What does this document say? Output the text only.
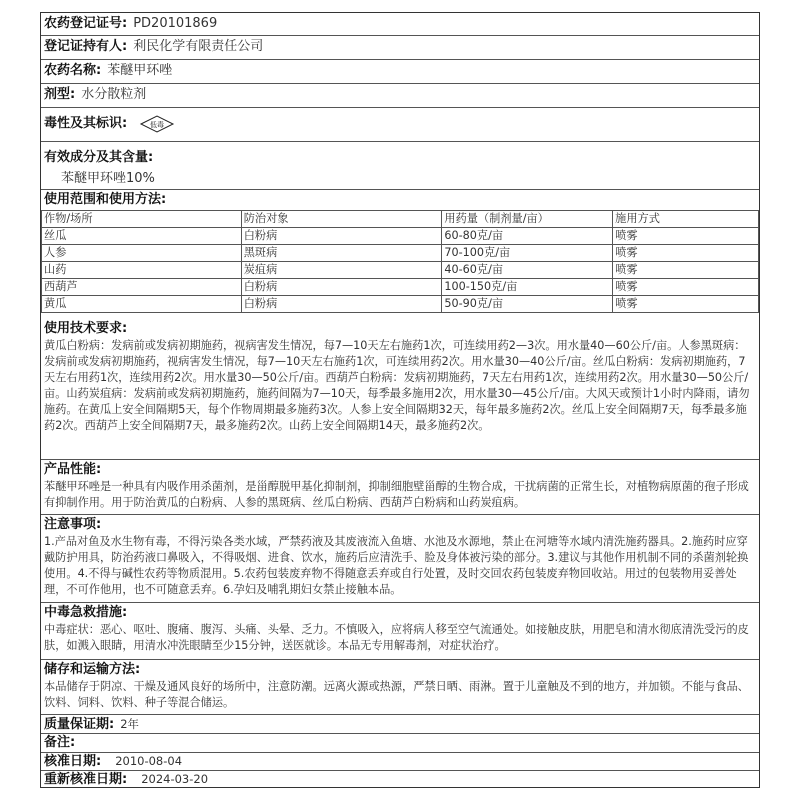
农药登记证号: PD20101869
登记证持有人: 利民化学有限责任公司
农药名称: 苯醚甲环唑
剂型: 水分散粒剂
毒性及其标识:	低毒
有效成分及其含量:
苯醚甲环唑10%
使用范围和使用方法:
作物/场所	防治对象	用药量（制剂量/亩）	施用方式
丝瓜	白粉病	60-80克/亩	喷雾
人参	黑斑病	70-100克/亩	喷雾
山药	炭疽病	40-60克/亩	喷雾
西葫芦	白粉病	100-150克/亩	喷雾
黄瓜	白粉病	50-90克/亩	喷雾
使用技术要求:
黄瓜白粉病：发病前或发病初期施药，视病害发生情况，每7—10天左右施药1次，可连续用药2—3次。用水量40—60公斤/亩。人参黑斑病：发病前或发病初期施药，视病害发生情况，每7—10天左右施药1次，可连续用药2次。用水量30—40公斤/亩。丝瓜白粉病：发病初期施药，7天左右用药1次，连续用药2次。用水量30—50公斤/亩。西葫芦白粉病：发病初期施药，7天左右用药1次，连续用药2次。用水量30—50公斤/亩。山药炭疽病：发病前或发病初期施药，施药间隔为7—10天，每季最多施用2次，用水量30—45公斤/亩。大风天或预计1小时内降雨，请勿施药。在黄瓜上安全间隔期5天，每个作物周期最多施药3次。人参上安全间隔期32天，每年最多施药2次。丝瓜上安全间隔期7天，每季最多施药2次。西葫芦上安全间隔期7天，最多施药2次。山药上安全间隔期14天，最多施药2次。
产品性能:
苯醚甲环唑是一种具有内吸作用杀菌剂，是甾醇脱甲基化抑制剂，抑制细胞壁甾醇的生物合成，干扰病菌的正常生长，对植物病原菌的孢子形成有抑制作用。用于防治黄瓜的白粉病、人参的黑斑病、丝瓜白粉病、西葫芦白粉病和山药炭疽病。
注意事项:
1.产品对鱼及水生物有毒，不得污染各类水域，严禁药液及其废液流入鱼塘、水池及水源地，禁止在河塘等水域内清洗施药器具。2.施药时应穿戴防护用具，防治药液口鼻吸入，不得吸烟、进食、饮水，施药后应清洗手、脸及身体被污染的部分。3.建议与其他作用机制不同的杀菌剂轮换使用。4.不得与碱性农药等物质混用。5.农药包装废弃物不得随意丢弃或自行处置，及时交回农药包装废弃物回收站。用过的包装物用妥善处理，不可作他用，也不可随意丢弃。6.孕妇及哺乳期妇女禁止接触本品。
中毒急救措施:
中毒症状：恶心、呕吐、腹痛、腹泻、头痛、头晕、乏力。不慎吸入，应将病人移至空气流通处。如接触皮肤，用肥皂和清水彻底清洗受污的皮肤，如溅入眼睛，用清水冲洗眼睛至少15分钟，送医就诊。本品无专用解毒剂，对症状治疗。
储存和运输方法:
本品储存于阴凉、干燥及通风良好的场所中，注意防潮。远离火源或热源，严禁日晒、雨淋。置于儿童触及不到的地方，并加锁。不能与食品、饮料、饲料、饮料、种子等混合储运。
质量保证期: 2年
备注:
核准日期: 2010-08-04
重新核准日期: 2024-03-20
